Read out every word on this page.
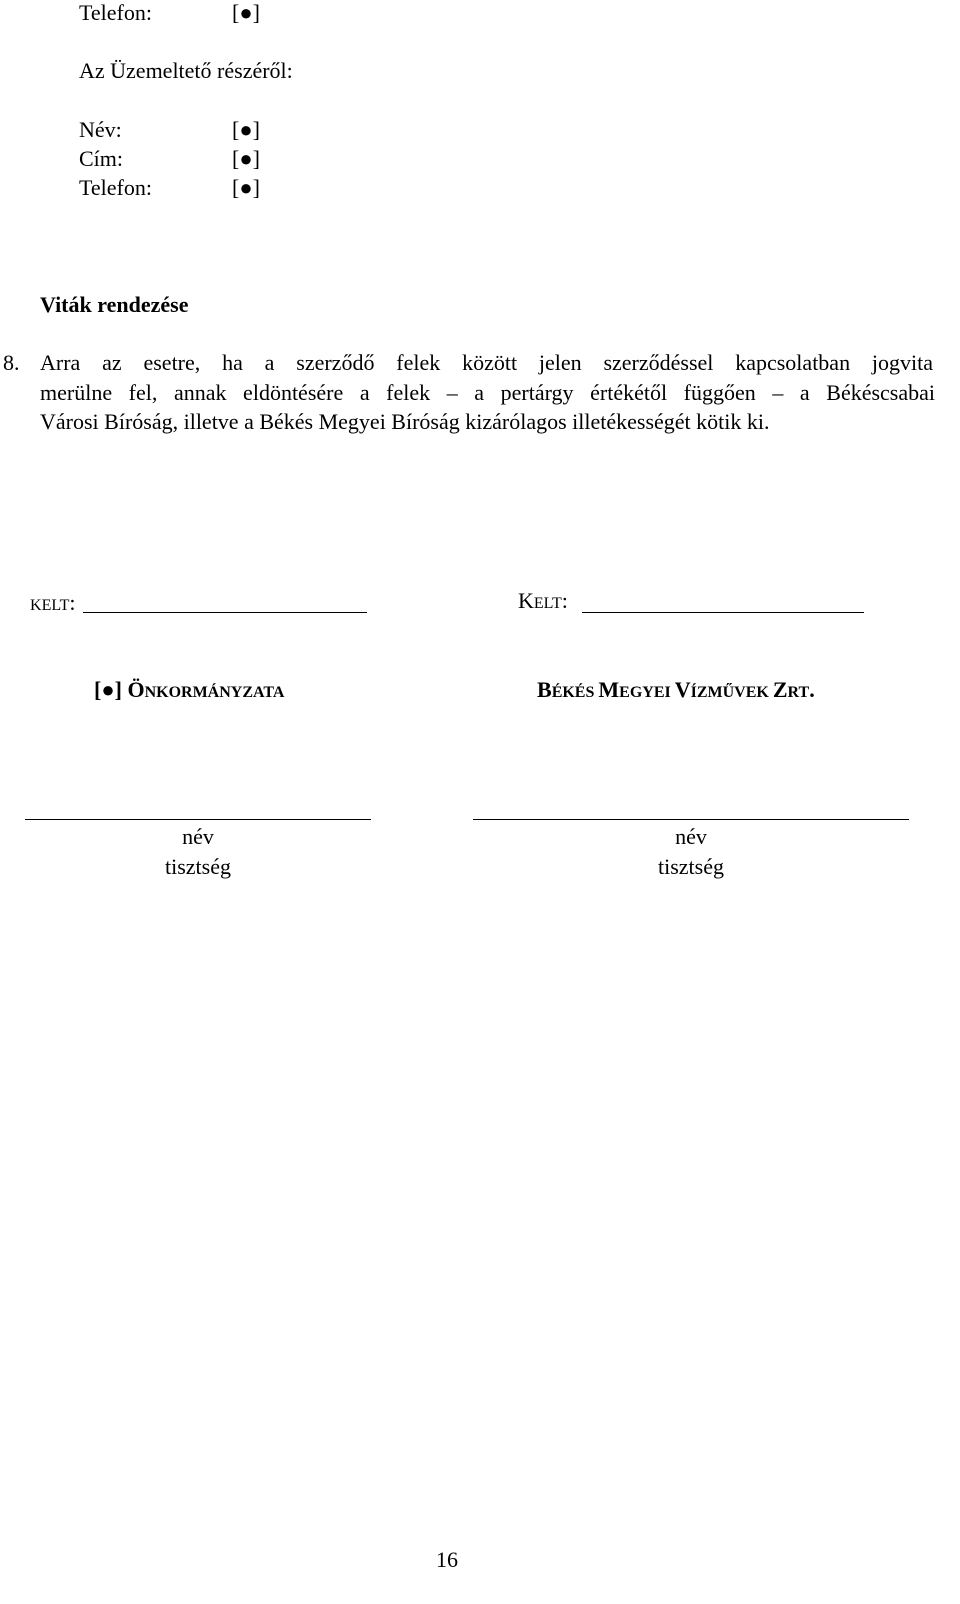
Telefon:	[●]
Az Üzemeltető részéről:
Név:	[●]
Cím:	[●]
Telefon:	[●]
Viták rendezése
8. Arra az esetre, ha a szerződő felek között jelen szerződéssel kapcsolatban jogvita
merülne fel, annak eldöntésére a felek – a pertárgy értékétől függően – a Békéscsabai
Városi Bíróság, illetve a Békés Megyei Bíróság kizárólagos illetékességét kötik ki.
KELT:
[●] ÖNKORMÁNYZATA
név
tisztség
KELT:
BÉKÉS MEGYEI VÍZMŰVEK ZRT.
név
tisztség
16
